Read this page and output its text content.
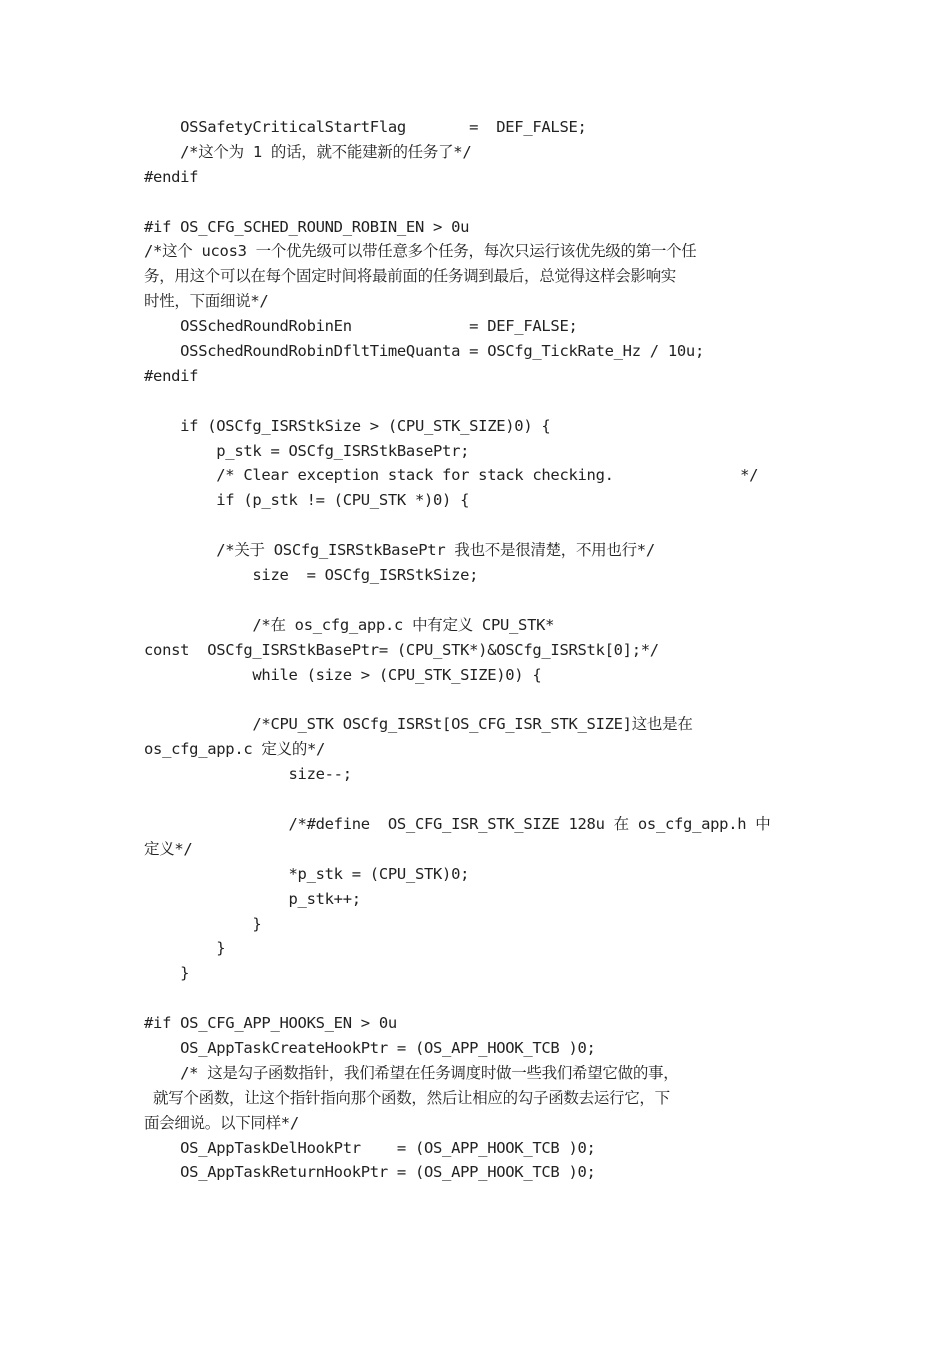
OSSafetyCriticalStartFlag       =  DEF_FALSE;
/*这个为 1 的话，就不能建新的任务了*/
#endif
#if OS_CFG_SCHED_ROUND_ROBIN_EN > 0u
/*这个 ucos3 一个优先级可以带任意多个任务，每次只运行该优先级的第一个任
务，用这个可以在每个固定时间将最前面的任务调到最后，总觉得这样会影响实
时性，下面细说*/
OSSchedRoundRobinEn             = DEF_FALSE;
OSSchedRoundRobinDfltTimeQuanta = OSCfg_TickRate_Hz / 10u;
#endif
if (OSCfg_ISRStkSize > (CPU_STK_SIZE)0) {
p_stk = OSCfg_ISRStkBasePtr;
/* Clear exception stack for stack checking.              */
if (p_stk != (CPU_STK *)0) {
/*关于 OSCfg_ISRStkBasePtr 我也不是很清楚，不用也行*/
size  = OSCfg_ISRStkSize;
/*在 os_cfg_app.c 中有定义 CPU_STK*
const  OSCfg_ISRStkBasePtr= (CPU_STK*)&OSCfg_ISRStk[0];*/
while (size > (CPU_STK_SIZE)0) {
/*CPU_STK OSCfg_ISRSt[OS_CFG_ISR_STK_SIZE]这也是在
os_cfg_app.c 定义的*/
size--;
/*#define  OS_CFG_ISR_STK_SIZE 128u 在 os_cfg_app.h 中
定义*/
*p_stk = (CPU_STK)0;
p_stk++;
}
}
}
#if OS_CFG_APP_HOOKS_EN > 0u
OS_AppTaskCreateHookPtr = (OS_APP_HOOK_TCB )0;
/* 这是勾子函数指针，我们希望在任务调度时做一些我们希望它做的事，
就写个函数，让这个指针指向那个函数，然后让相应的勾子函数去运行它，下
面会细说。以下同样*/
OS_AppTaskDelHookPtr    = (OS_APP_HOOK_TCB )0;
OS_AppTaskReturnHookPtr = (OS_APP_HOOK_TCB )0;
